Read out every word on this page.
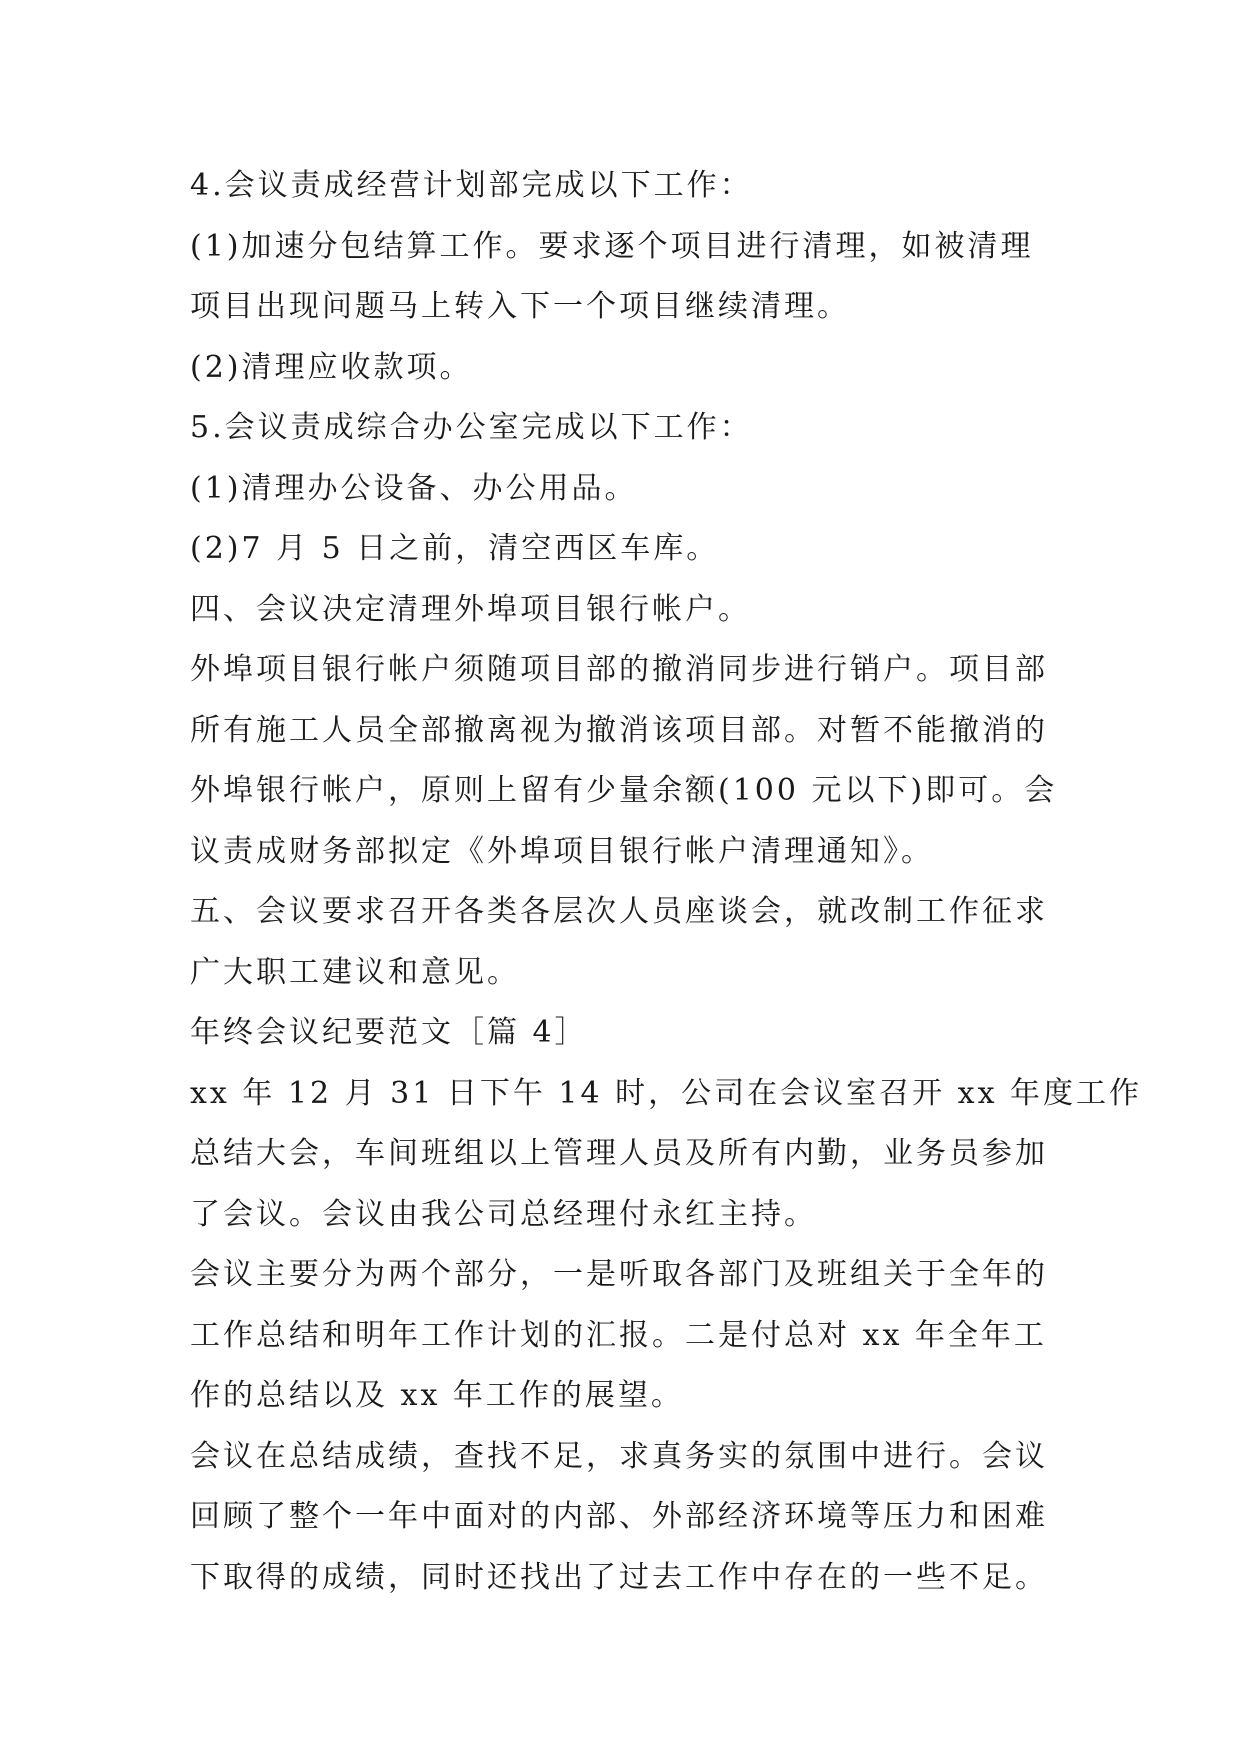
4.会议责成经营计划部完成以下工作：
(1)加速分包结算工作。要求逐个项目进行清理，如被清理
项目出现问题马上转入下一个项目继续清理。
(2)清理应收款项。
5.会议责成综合办公室完成以下工作：
(1)清理办公设备、办公用品。
(2)7 月 5 日之前，清空西区车库。
四、会议决定清理外埠项目银行帐户。
外埠项目银行帐户须随项目部的撤消同步进行销户。项目部
所有施工人员全部撤离视为撤消该项目部。对暂不能撤消的
外埠银行帐户，原则上留有少量余额(100 元以下)即可。会
议责成财务部拟定《外埠项目银行帐户清理通知》。
五、会议要求召开各类各层次人员座谈会，就改制工作征求
广大职工建议和意见。
年终会议纪要范文［篇 4］
xx 年 12 月 31 日下午 14 时，公司在会议室召开 xx 年度工作
总结大会，车间班组以上管理人员及所有内勤，业务员参加
了会议。会议由我公司总经理付永红主持。
会议主要分为两个部分，一是听取各部门及班组关于全年的
工作总结和明年工作计划的汇报。二是付总对 xx 年全年工
作的总结以及 xx 年工作的展望。
会议在总结成绩，查找不足，求真务实的氛围中进行。会议
回顾了整个一年中面对的内部、外部经济环境等压力和困难
下取得的成绩，同时还找出了过去工作中存在的一些不足。
